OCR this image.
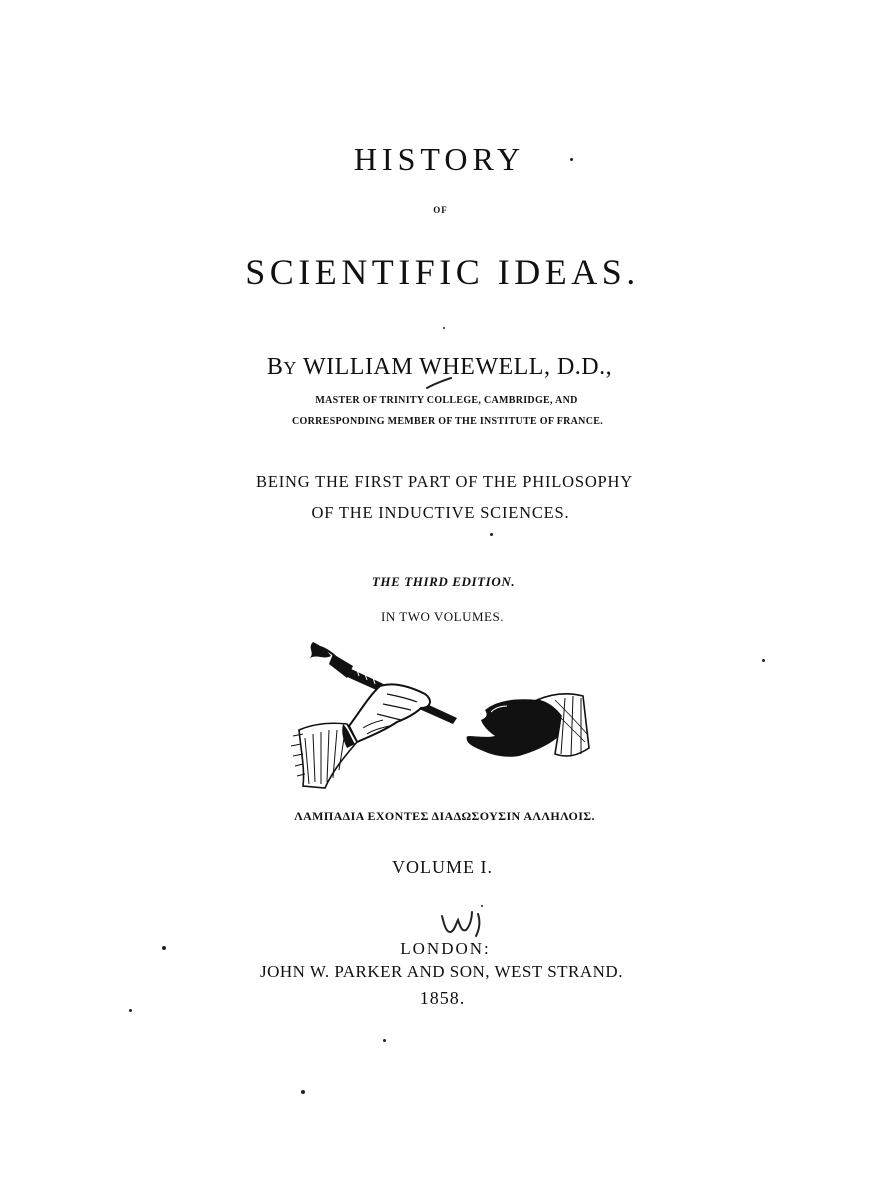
HISTORY
OF
SCIENTIFIC IDEAS.
BY WILLIAM WHEWELL, D.D.,
MASTER OF TRINITY COLLEGE, CAMBRIDGE, AND
CORRESPONDING MEMBER OF THE INSTITUTE OF FRANCE.
BEING THE FIRST PART OF THE PHILOSOPHY
OF THE INDUCTIVE SCIENCES.
THE THIRD EDITION.
IN TWO VOLUMES.
ΛΑΜΠΑΔΙΑ ΕΧΟΝΤΕΣ ΔΙΑΔΩΣΟΥΣΙΝ ΑΛΛΗΛΟΙΣ.
VOLUME I.
LONDON:
JOHN W. PARKER AND SON, WEST STRAND.
1858.
